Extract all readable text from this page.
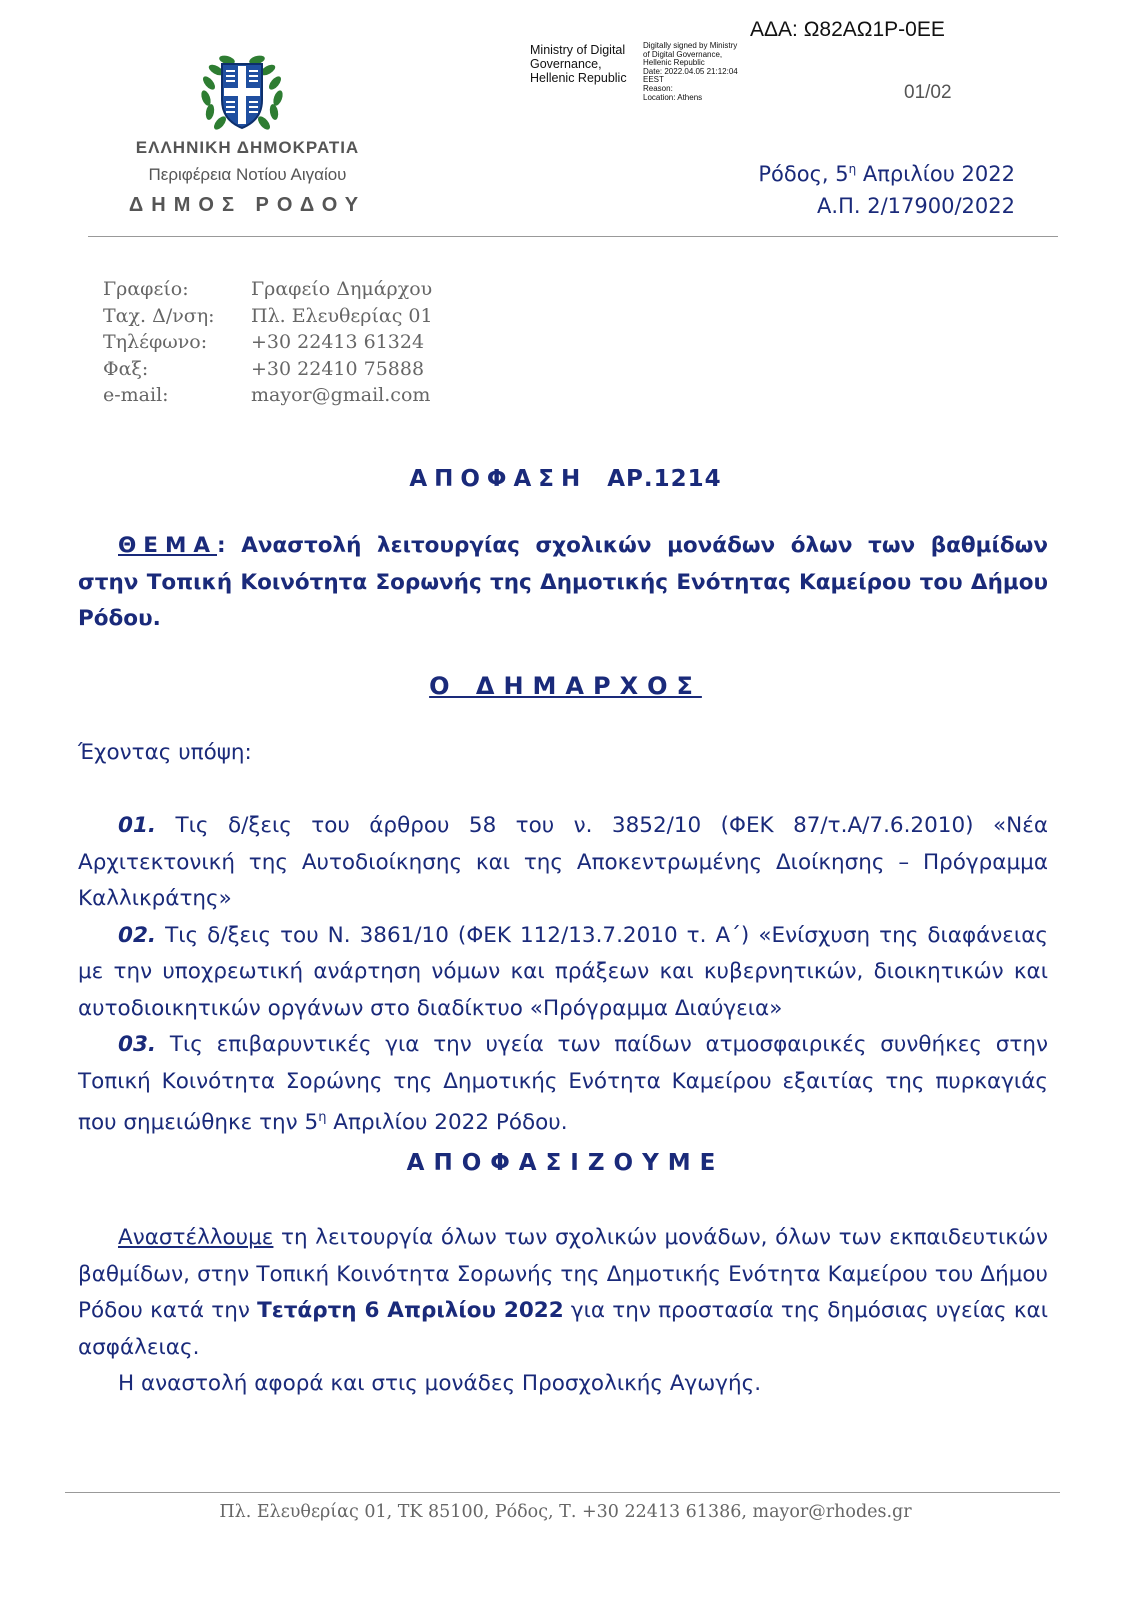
ΑΔΑ: Ω82ΑΩ1Ρ-0ΕΕ
Ministry of Digital Governance, Hellenic Republic
Digitally signed by Ministry
of Digital Governance,
Hellenic Republic
Date: 2022.04.05 21:12:04
EEST
Reason:
Location: Athens	01/02
ΕΛΛΗΝΙΚΗ ΔΗΜΟΚΡΑΤΙΑ
Περιφέρεια Νοτίου Αιγαίου
ΔΗΜΟΣ ΡΟΔΟΥ
Ρόδος, $5^\eta$ Απριλίου 2022
Α.Π. 2/17900/2022
Γραφείο:	Γραφείο Δημάρχου
Ταχ. Δ/νση:	Πλ. Ελευθερίας 01
Τηλέφωνο:	+30 22413 61324
Φαξ:	+30 22410 75888
e-mail:	mayor@gmail.com
ΑΠΟΦΑΣΗ ΑΡ.1214
ΘΕΜΑ: Αναστολή λειτουργίας σχολικών μονάδων όλων των βαθμίδων στην Τοπική Κοινότητα Σορωνής της Δημοτικής Ενότητας Καμείρου του Δήμου Ρόδου.
Ο ΔΗΜΑΡΧΟΣ
Έχοντας υπόψη:
01. Τις δ/ξεις του άρθρου 58 του ν. 3852/10 (ΦΕΚ 87/τ.Α/7.6.2010) «Νέα Αρχιτεκτονική της Αυτοδιοίκησης και της Αποκεντρωμένης Διοίκησης – Πρόγραμμα Καλλικράτης»
02. Τις δ/ξεις του Ν. 3861/10 (ΦΕΚ 112/13.7.2010 τ. Α΄) «Ενίσχυση της διαφάνειας με την υποχρεωτική ανάρτηση νόμων και πράξεων και κυβερνητικών, διοικητικών και αυτοδιοικητικών οργάνων στο διαδίκτυο «Πρόγραμμα Διαύγεια»
03. Τις επιβαρυντικές για την υγεία των παίδων ατμοσφαιρικές συνθήκες στην Τοπική Κοινότητα Σορώνης της Δημοτικής Ενότητα Καμείρου εξαιτίας της πυρκαγιάς που σημειώθηκε την $5^\eta$ Απριλίου 2022 Ρόδου.
ΑΠΟΦΑΣΙΖΟΥΜΕ
Αναστέλλουμε τη λειτουργία όλων των σχολικών μονάδων, όλων των εκπαιδευτικών βαθμίδων, στην Τοπική Κοινότητα Σορωνής της Δημοτικής Ενότητα Καμείρου του Δήμου Ρόδου κατά την Τετάρτη 6 Απριλίου 2022 για την προστασία της δημόσιας υγείας και ασφάλειας.
Η αναστολή αφορά και στις μονάδες Προσχολικής Αγωγής.
Πλ. Ελευθερίας 01, ΤΚ 85100, Ρόδος, Τ. +30 22413 61386, mayor@rhodes.gr
